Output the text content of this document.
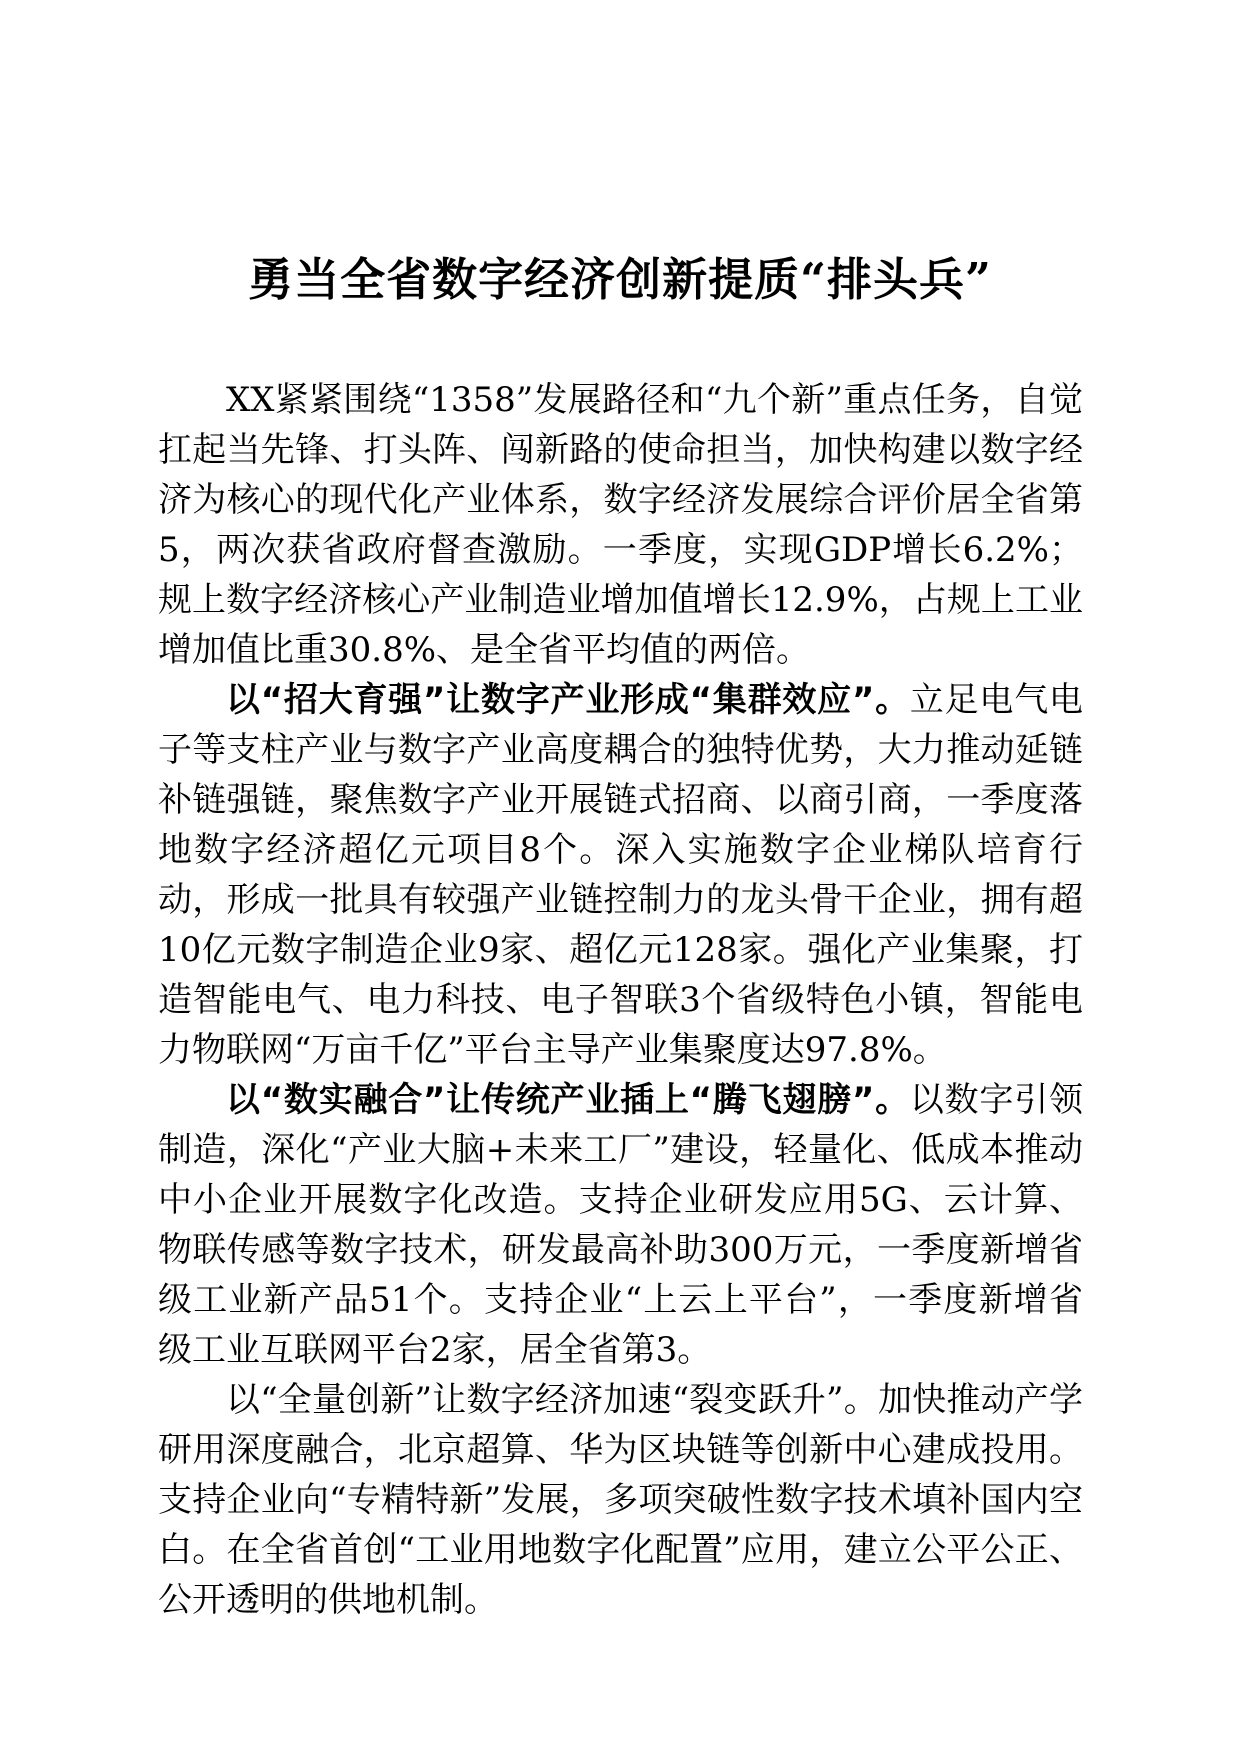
勇当全省数字经济创新提质“排头兵”

XX紧紧围绕“1358”发展路径和“九个新”重点任务，自觉扛起当先锋、打头阵、闯新路的使命担当，加快构建以数字经济为核心的现代化产业体系，数字经济发展综合评价居全省第5，两次获省政府督查激励。一季度，实现GDP增长6.2%；规上数字经济核心产业制造业增加值增长12.9%，占规上工业增加值比重30.8%、是全省平均值的两倍。

以“招大育强”让数字产业形成“集群效应”。立足电气电子等支柱产业与数字产业高度耦合的独特优势，大力推动延链补链强链，聚焦数字产业开展链式招商、以商引商，一季度落地数字经济超亿元项目8个。深入实施数字企业梯队培育行动，形成一批具有较强产业链控制力的龙头骨干企业，拥有超10亿元数字制造企业9家、超亿元128家。强化产业集聚，打造智能电气、电力科技、电子智联3个省级特色小镇，智能电力物联网“万亩千亿”平台主导产业集聚度达97.8%。

以“数实融合”让传统产业插上“腾飞翅膀”。以数字引领制造，深化“产业大脑+未来工厂”建设，轻量化、低成本推动中小企业开展数字化改造。支持企业研发应用5G、云计算、物联传感等数字技术，研发最高补助300万元，一季度新增省级工业新产品51个。支持企业“上云上平台”，一季度新增省级工业互联网平台2家，居全省第3。

以“全量创新”让数字经济加速“裂变跃升”。加快推动产学研用深度融合，北京超算、华为区块链等创新中心建成投用。支持企业向“专精特新”发展，多项突破性数字技术填补国内空白。在全省首创“工业用地数字化配置”应用，建立公平公正、公开透明的供地机制。
